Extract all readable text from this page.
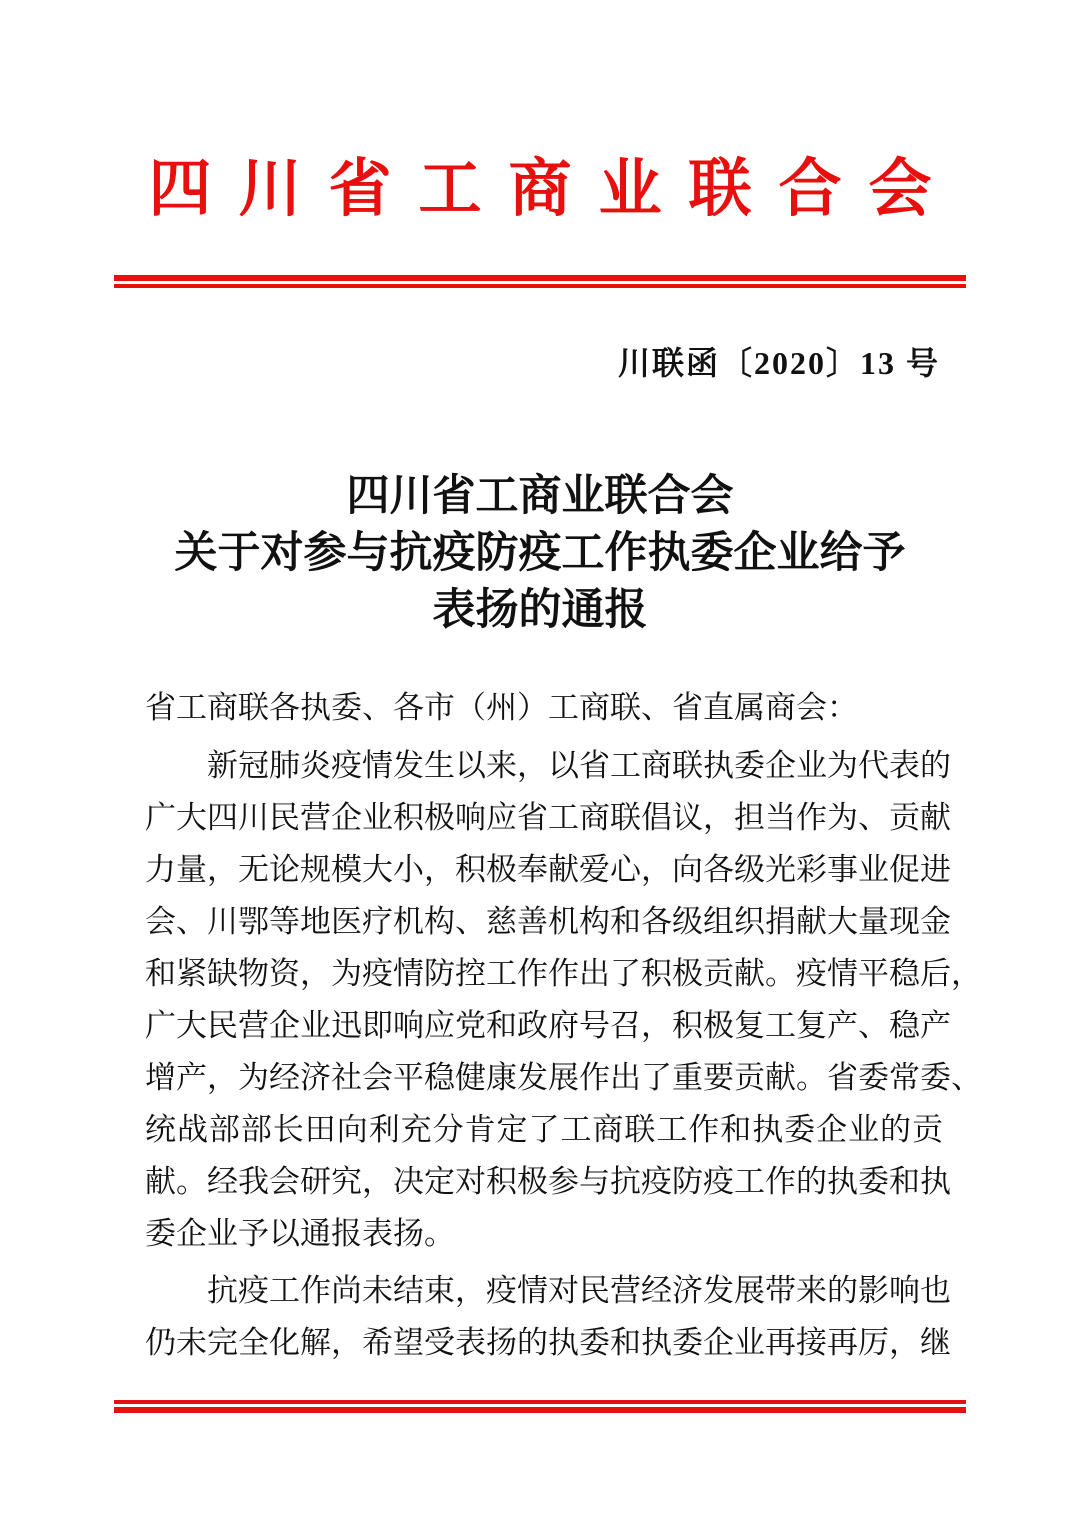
四川省工商业联合会
川联函〔2020〕13 号
四川省工商业联合会
关于对参与抗疫防疫工作执委企业给予
表扬的通报
省工商联各执委、各市（州）工商联、省直属商会：
新冠肺炎疫情发生以来，以省工商联执委企业为代表的
广大四川民营企业积极响应省工商联倡议，担当作为、贡献
力量，无论规模大小，积极奉献爱心，向各级光彩事业促进
会、川鄂等地医疗机构、慈善机构和各级组织捐献大量现金
和紧缺物资，为疫情防控工作作出了积极贡献。疫情平稳后，
广大民营企业迅即响应党和政府号召，积极复工复产、稳产
增产，为经济社会平稳健康发展作出了重要贡献。省委常委、
统战部部长田向利充分肯定了工商联工作和执委企业的贡
献。经我会研究，决定对积极参与抗疫防疫工作的执委和执
委企业予以通报表扬。
抗疫工作尚未结束，疫情对民营经济发展带来的影响也
仍未完全化解，希望受表扬的执委和执委企业再接再厉，继
